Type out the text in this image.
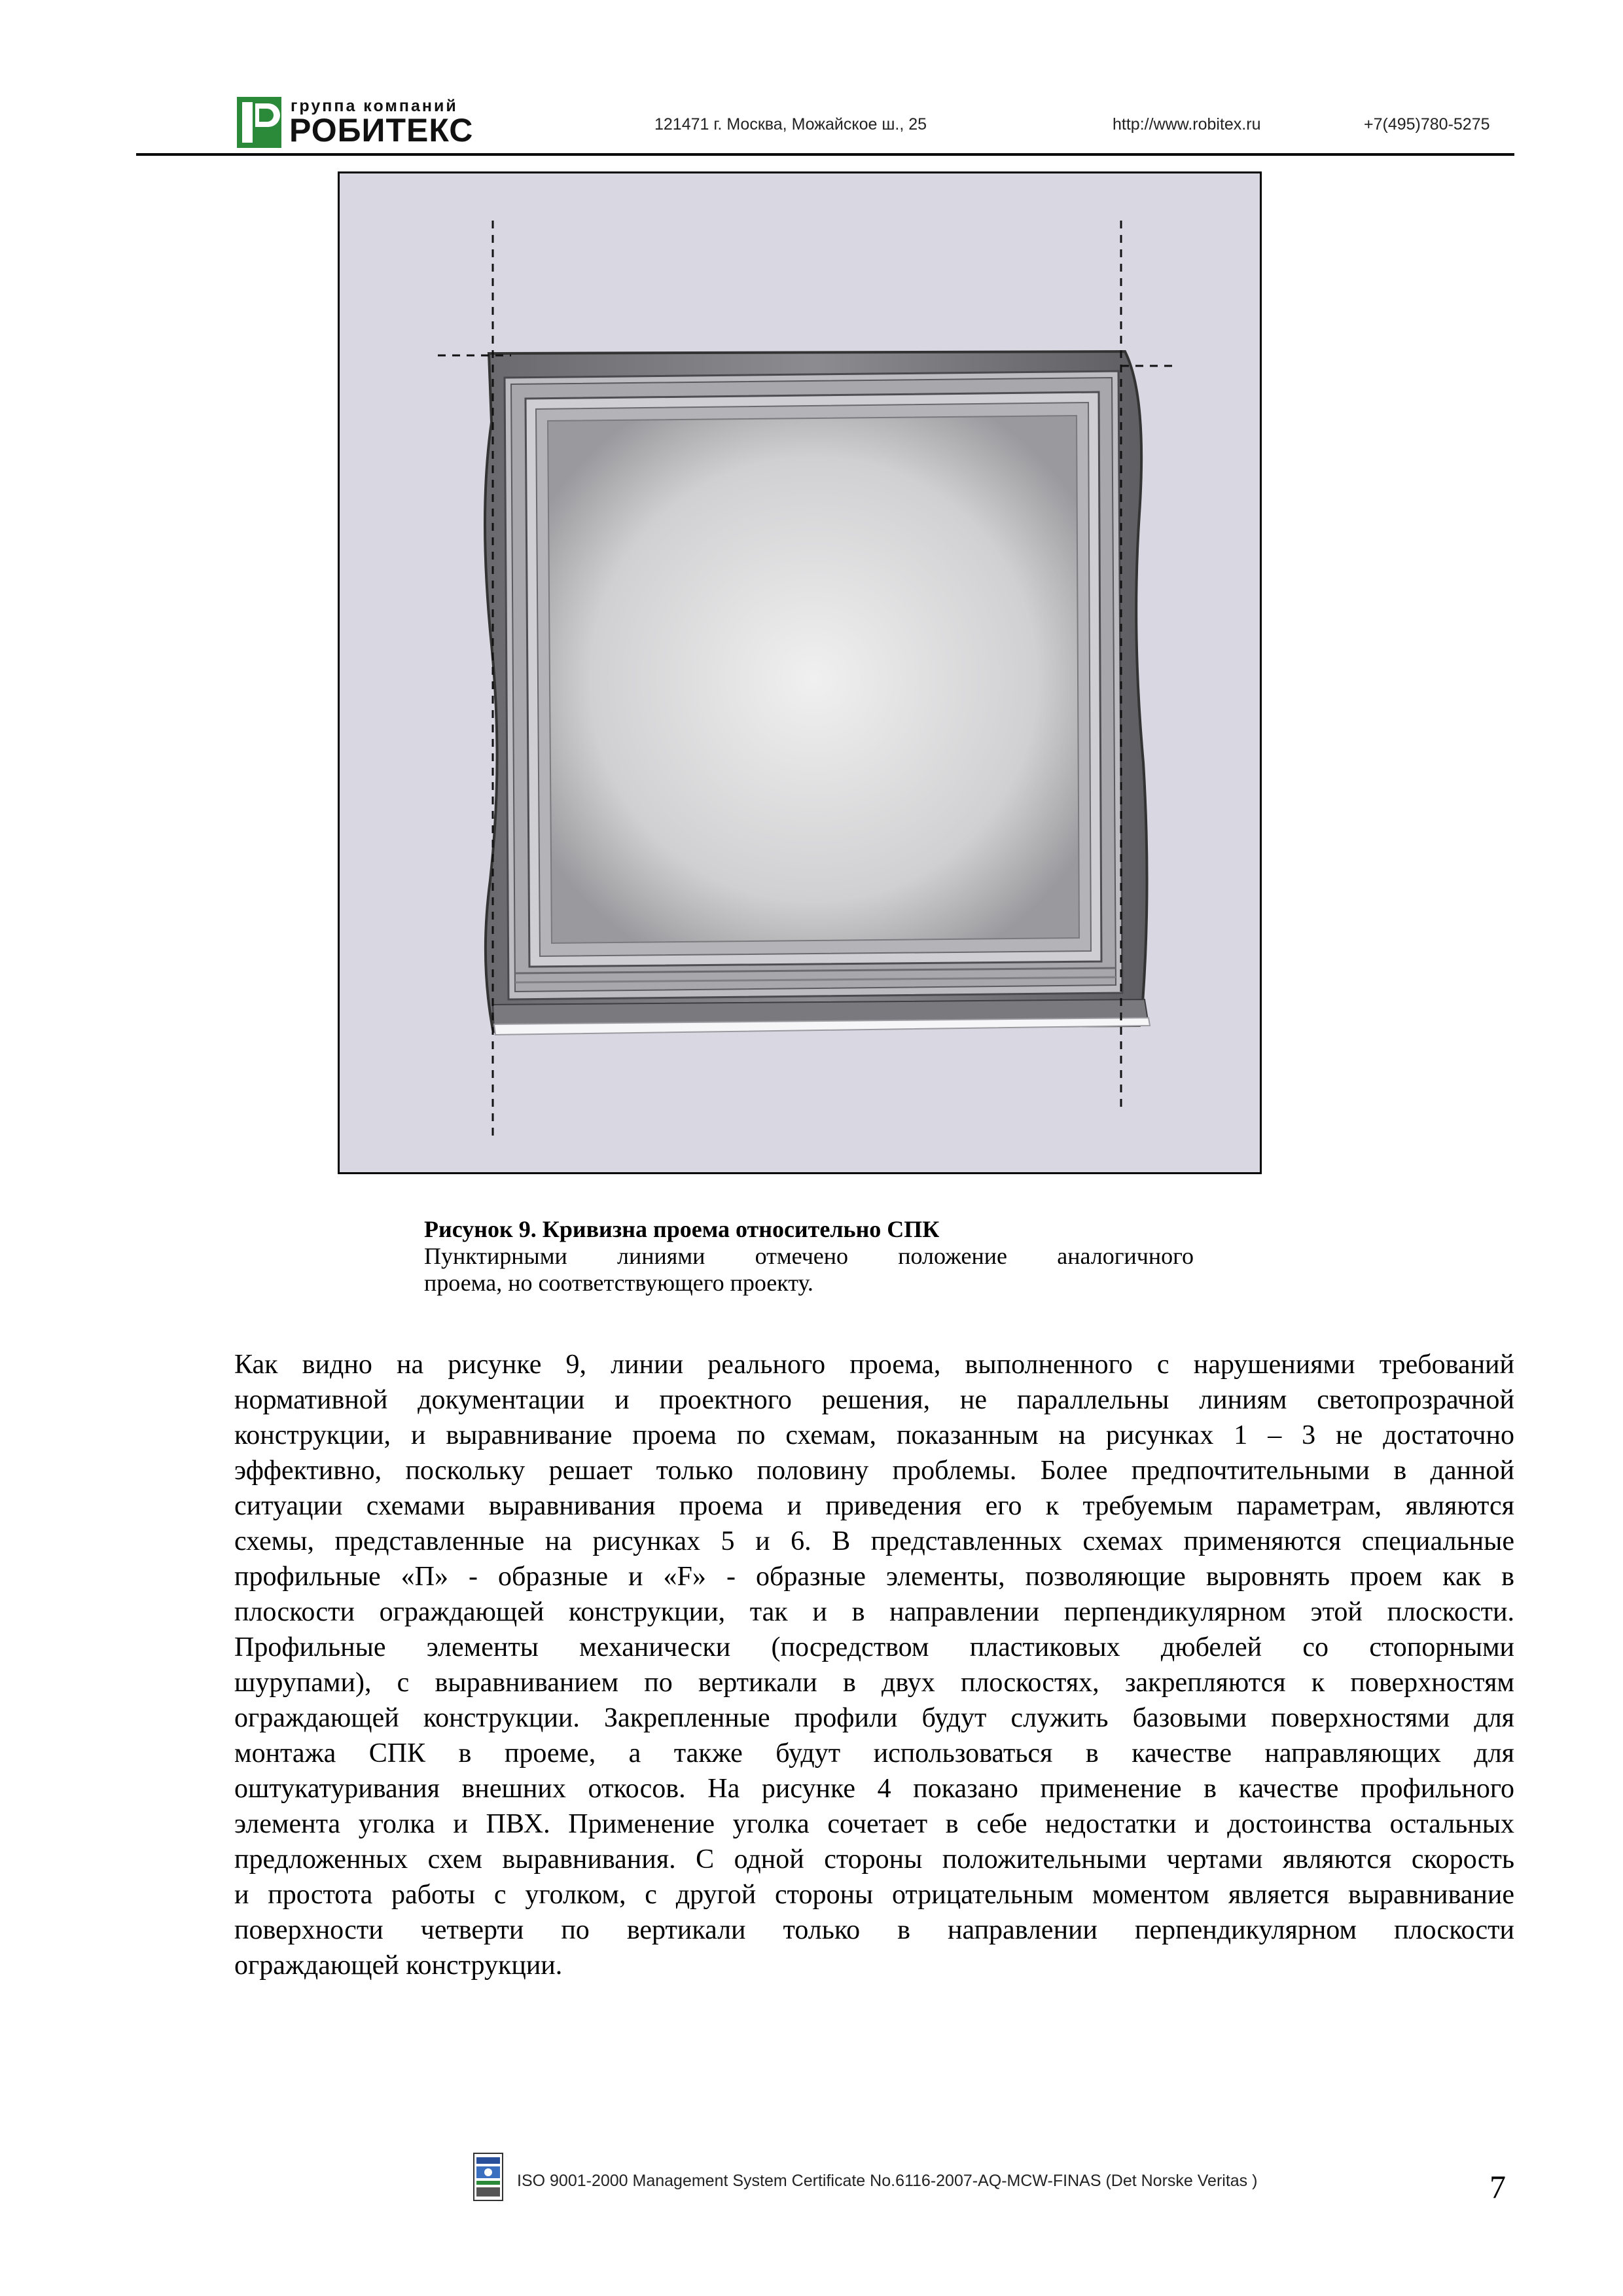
группа компаний
РОБИТЕКС	121471 г. Москва, Можайское ш., 25	http://www.robitex.ru	+7(495)780-5275
Рисунок 9. Кривизна проема относительно СПК
Пунктирными линиями отмечено положение аналогичного
проема, но соответствующего проекту.
Как видно на рисунке 9, линии реального проема, выполненного с нарушениями требований
нормативной документации и проектного решения, не параллельны линиям светопрозрачной
конструкции, и выравнивание проема по схемам, показанным на рисунках 1 – 3 не достаточно
эффективно, поскольку решает только половину проблемы. Более предпочтительными в данной
ситуации схемами выравнивания проема и приведения его к требуемым параметрам, являются
схемы, представленные на рисунках 5 и 6. В представленных схемах применяются специальные
профильные «П» - образные и «F» - образные элементы, позволяющие выровнять проем как в
плоскости ограждающей конструкции, так и в направлении перпендикулярном этой плоскости.
Профильные элементы механически (посредством пластиковых дюбелей со стопорными
шурупами), с выравниванием по вертикали в двух плоскостях, закрепляются к поверхностям
ограждающей конструкции. Закрепленные профили будут служить базовыми поверхностями для
монтажа СПК в проеме, а также будут использоваться в качестве направляющих для
оштукатуривания внешних откосов. На рисунке 4 показано применение в качестве профильного
элемента уголка и ПВХ. Применение уголка сочетает в себе недостатки и достоинства остальных
предложенных схем выравнивания. С одной стороны положительными чертами являются скорость
и простота работы с уголком, с другой стороны отрицательным моментом является выравнивание
поверхности четверти по вертикали только в направлении перпендикулярном плоскости
ограждающей конструкции.
ISO 9001-2000 Management System Certificate No.6116-2007-AQ-MCW-FINAS (Det Norske Veritas )	7
